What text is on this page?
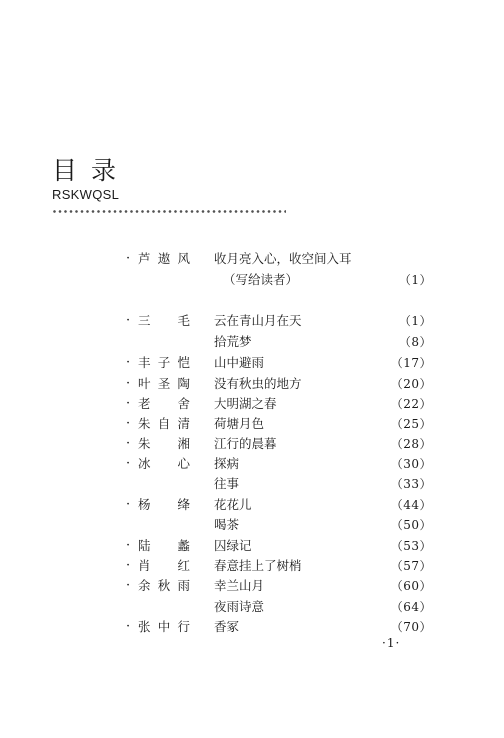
目录
RSKWQSL
· 芦遨风 收月亮入心，收空间入耳
（写给读者）	（1）
· 三毛 云在青山月在天	（1）
拾荒梦	（8）
· 丰子恺 山中避雨	（17）
· 叶圣陶 没有秋虫的地方	（20）
· 老舍 大明湖之春	（22）
· 朱自清 荷塘月色	（25）
· 朱湘 江行的晨暮	（28）
· 冰心 探病	（30）
往事	（33）
· 杨绛 花花儿	（44）
喝茶	（50）
· 陆蠡 囚绿记	（53）
· 肖红 春意挂上了树梢	（57）
· 余秋雨 幸兰山月	（60）
夜雨诗意	（64）
· 张中行 香冢	（70）
·1·
